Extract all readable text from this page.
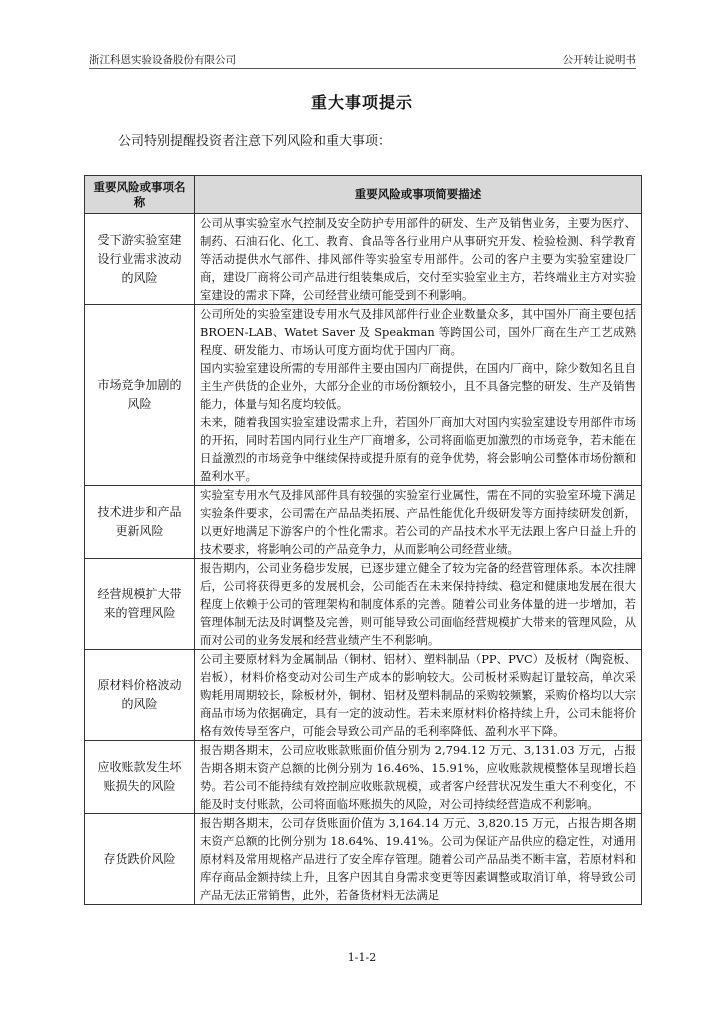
浙江科恩实验设备股份有限公司	公开转让说明书
重大事项提示
公司特别提醒投资者注意下列风险和重大事项：
重要风险或事项名称	重要风险或事项简要描述
受下游实验室建设行业需求波动的风险	公司从事实验室水气控制及安全防护专用部件的研发、生产及销售业务，主要为医疗、制药、石油石化、化工、教育、食品等各行业用户从事研究开发、检验检测、科学教育等活动提供水气部件、排风部件等实验室专用部件。公司的客户主要为实验室建设厂商，建设厂商将公司产品进行组装集成后，交付至实验室业主方，若终端业主方对实验室建设的需求下降，公司经营业绩可能受到不利影响。

市场竞争加剧的风险	公司所处的实验室建设专用水气及排风部件行业企业数量众多，其中国外厂商主要包括 BROEN-LAB、Watet Saver 及 Speakman 等跨国公司，国外厂商在生产工艺成熟程度、研发能力、市场认可度方面均优于国内厂商。

国内实验室建设所需的专用部件主要由国内厂商提供，在国内厂商中，除少数知名且自主生产供货的企业外，大部分企业的市场份额较小，且不具备完整的研发、生产及销售能力，体量与知名度均较低。

未来，随着我国实验室建设需求上升，若国外厂商加大对国内实验室建设专用部件市场的开拓，同时若国内同行业生产厂商增多，公司将面临更加激烈的市场竞争，若未能在日益激烈的市场竞争中继续保持或提升原有的竞争优势，将会影响公司整体市场份额和盈利水平。

技术进步和产品更新风险	实验室专用水气及排风部件具有较强的实验室行业属性，需在不同的实验室环境下满足实验条件要求，公司需在产品品类拓展、产品性能优化升级研发等方面持续研发创新，以更好地满足下游客户的个性化需求。若公司的产品技术水平无法跟上客户日益上升的技术要求，将影响公司的产品竞争力，从而影响公司经营业绩。

经营规模扩大带来的管理风险	报告期内，公司业务稳步发展，已逐步建立健全了较为完备的经营管理体系。本次挂牌后，公司将获得更多的发展机会，公司能否在未来保持持续、稳定和健康地发展在很大程度上依赖于公司的管理架构和制度体系的完善。随着公司业务体量的进一步增加，若管理体制无法及时调整及完善，则可能导致公司面临经营规模扩大带来的管理风险，从而对公司的业务发展和经营业绩产生不利影响。

原材料价格波动的风险	公司主要原材料为金属制品（铜材、铝材）、塑料制品（PP、PVC）及板材（陶瓷板、岩板），材料价格变动对公司生产成本的影响较大。公司板材采购起订量较高，单次采购耗用周期较长，除板材外，铜材、铝材及塑料制品的采购较频繁，采购价格均以大宗商品市场为依据确定，具有一定的波动性。若未来原材料价格持续上升，公司未能将价格有效传导至客户，可能会导致公司产品的毛利率降低、盈利水平下降。

应收账款发生坏账损失的风险	报告期各期末，公司应收账款账面价值分别为 2,794.12 万元、3,131.03 万元，占报告期各期末资产总额的比例分别为 16.46%、15.91%，应收账款规模整体呈现增长趋势。若公司不能持续有效控制应收账款规模，或者客户经营状况发生重大不利变化，不能及时支付账款，公司将面临坏账损失的风险，对公司持续经营造成不利影响。

存货跌价风险	报告期各期末，公司存货账面价值为 3,164.14 万元、3,820.15 万元，占报告期各期末资产总额的比例分别为 18.64%、19.41%。公司为保证产品供应的稳定性，对通用原材料及常用规格产品进行了安全库存管理。随着公司产品品类不断丰富，若原材料和库存商品金额持续上升，且客户因其自身需求变更等因素调整或取消订单，将导致公司产品无法正常销售，此外，若备货材料无法满足

1-1-2
